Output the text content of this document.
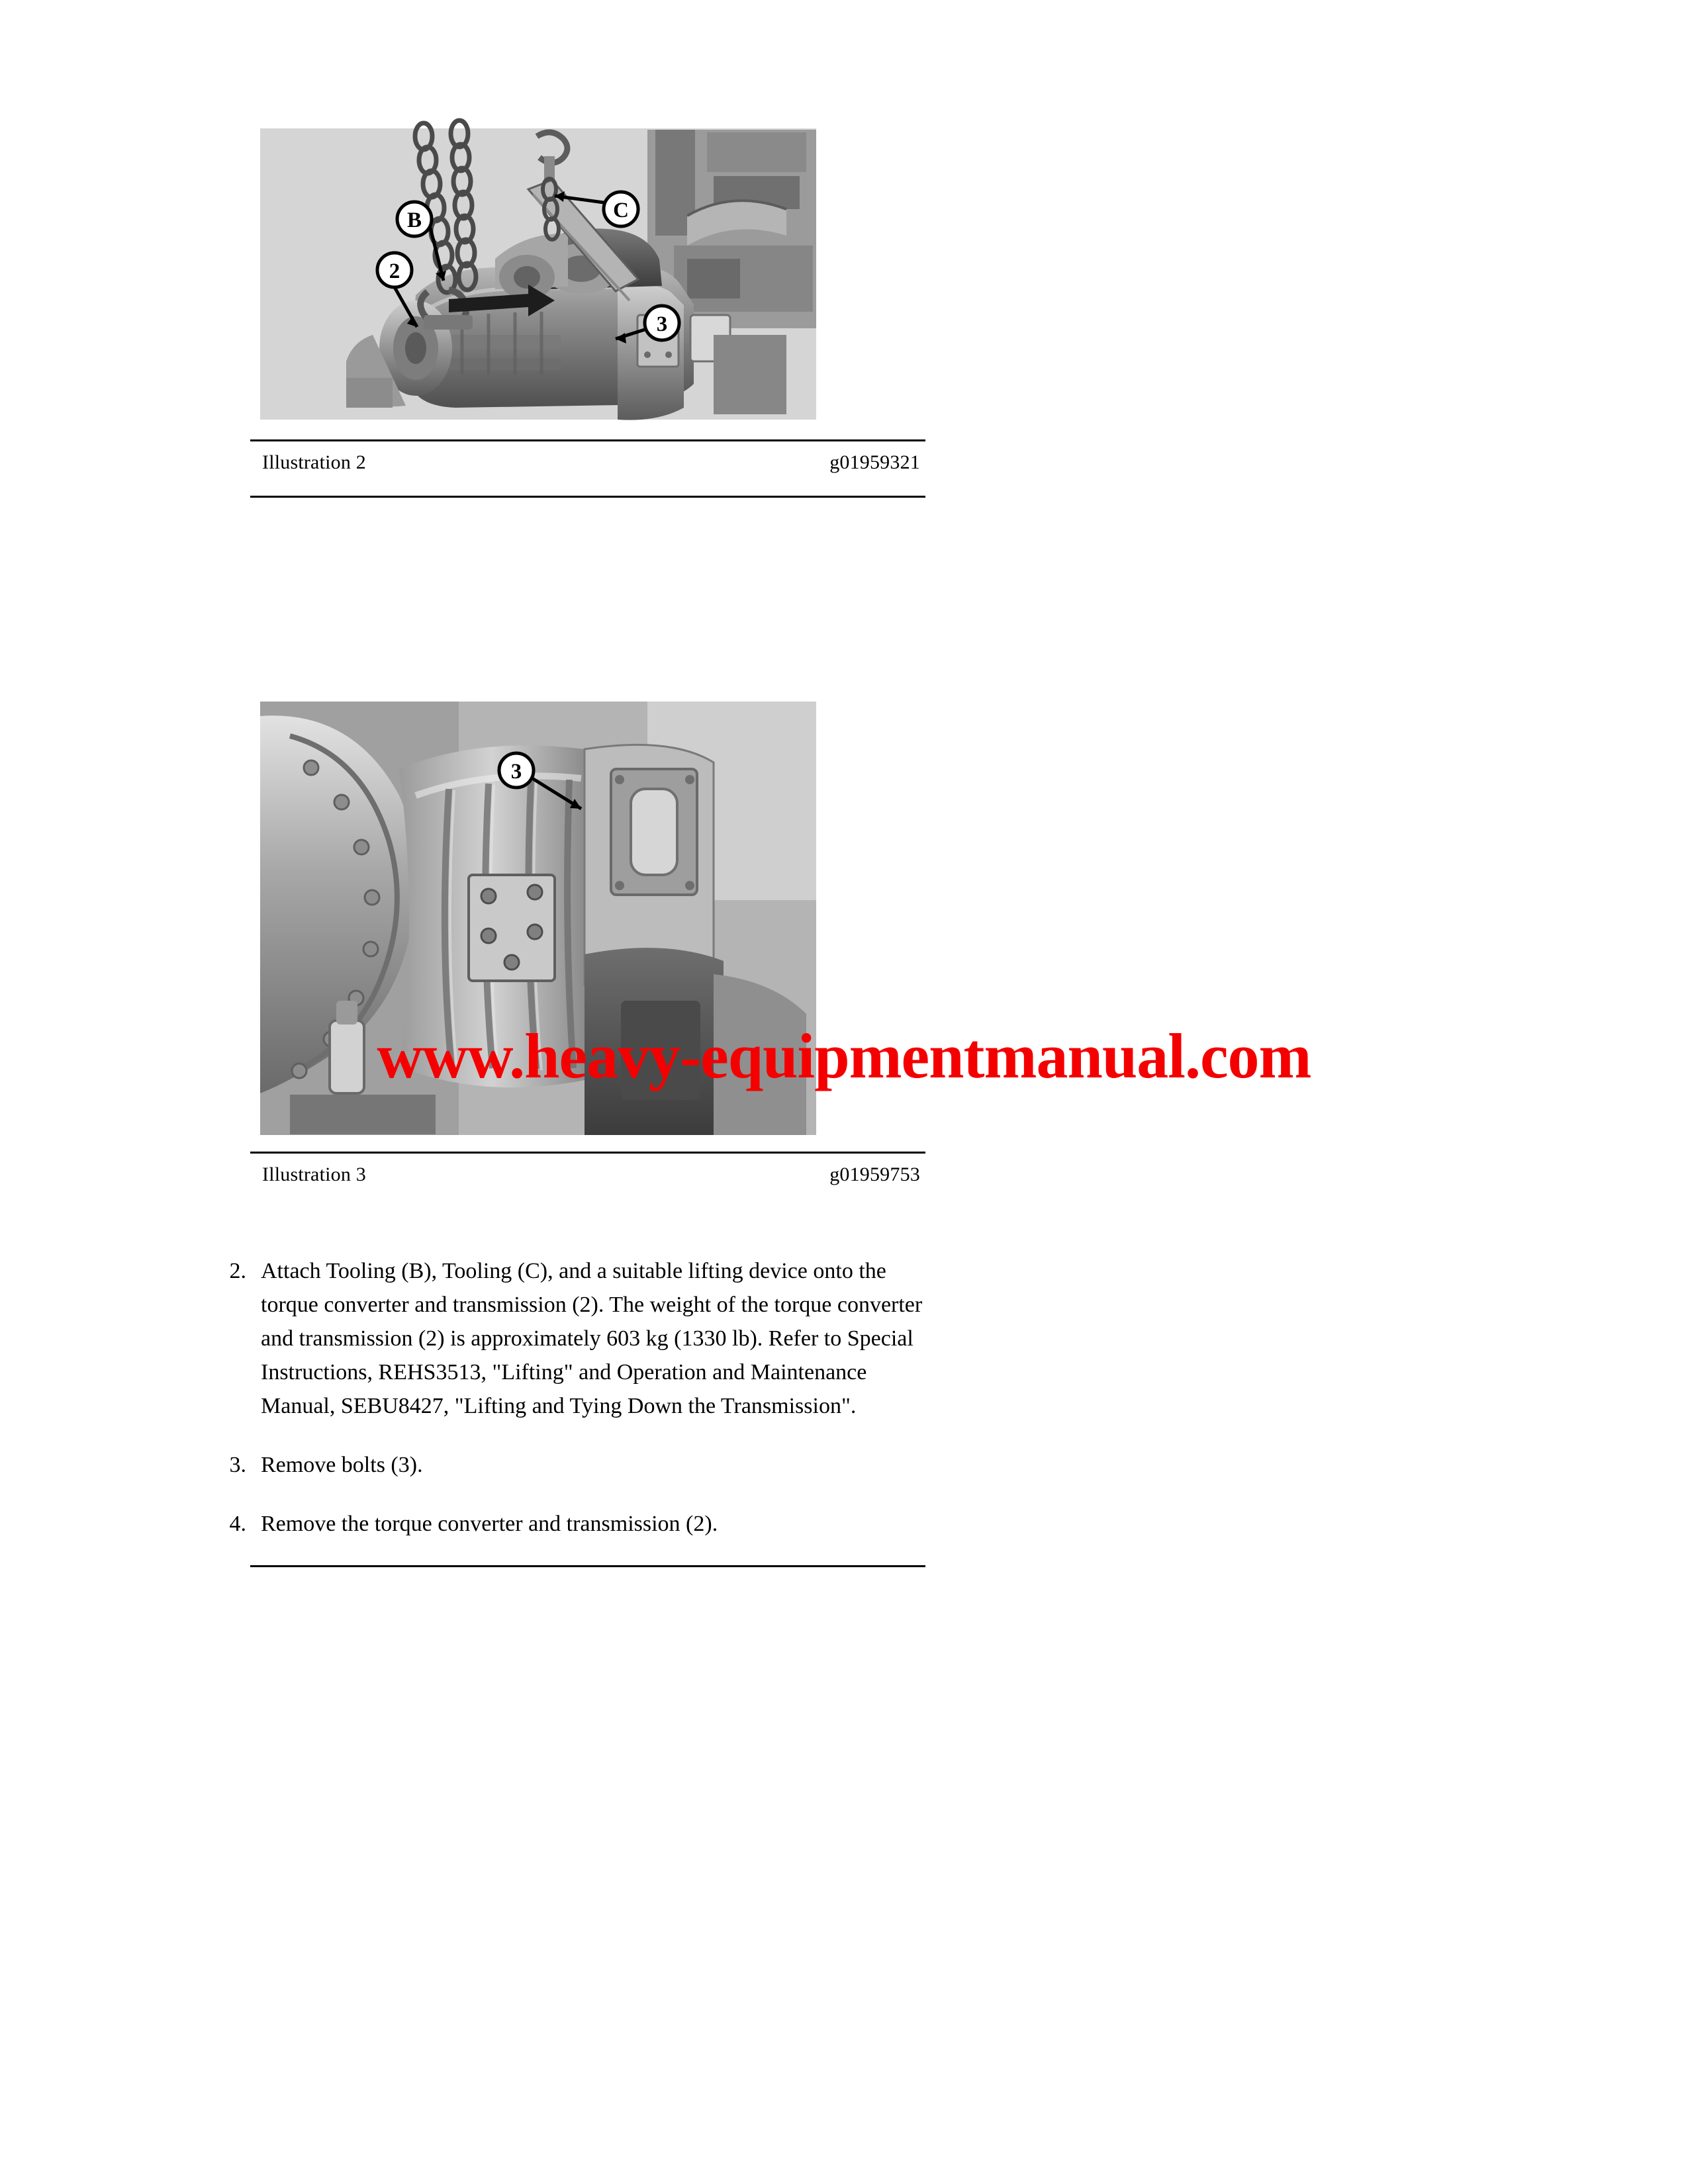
B	C
2
3
Illustration 2	g01959321
3
Illustration 3	g01959753
www.heavy-equipmentmanual.com
2. Attach Tooling (B), Tooling (C), and a suitable lifting device onto the torque converter and transmission (2). The weight of the torque converter and transmission (2) is approximately 603 kg (1330 lb). Refer to Special Instructions, REHS3513, "Lifting" and Operation and Maintenance Manual, SEBU8427, "Lifting and Tying Down the Transmission".
3. Remove bolts (3).
4. Remove the torque converter and transmission (2).
